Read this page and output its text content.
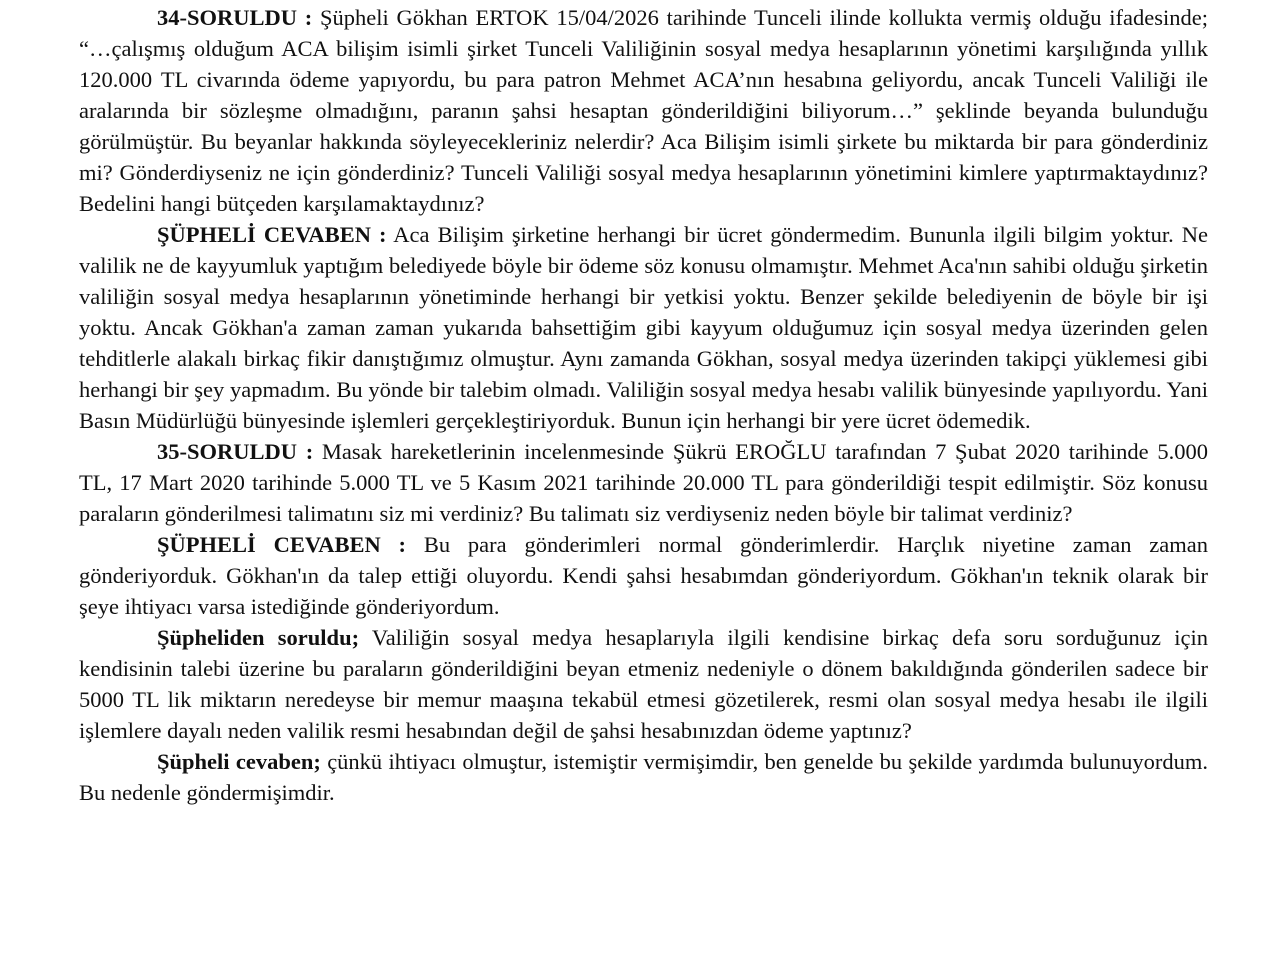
34-SORULDU : Şüpheli Gökhan ERTOK 15/04/2026 tarihinde Tunceli ilinde kollukta vermiş olduğu ifadesinde; “…çalışmış olduğum ACA bilişim isimli şirket Tunceli Valiliğinin sosyal medya hesaplarının yönetimi karşılığında yıllık 120.000 TL civarında ödeme yapıyordu, bu para patron Mehmet ACA’nın hesabına geliyordu, ancak Tunceli Valiliği ile aralarında bir sözleşme olmadığını, paranın şahsi hesaptan gönderildiğini biliyorum…” şeklinde beyanda bulunduğu görülmüştür. Bu beyanlar hakkında söyleyecekleriniz nelerdir? Aca Bilişim isimli şirkete bu miktarda bir para gönderdiniz mi? Gönderdiyseniz ne için gönderdiniz? Tunceli Valiliği sosyal medya hesaplarının yönetimini kimlere yaptırmaktaydınız? Bedelini hangi bütçeden karşılamaktaydınız?

ŞÜPHELİ CEVABEN : Aca Bilişim şirketine herhangi bir ücret göndermedim. Bununla ilgili bilgim yoktur. Ne valilik ne de kayyumluk yaptığım belediyede böyle bir ödeme söz konusu olmamıştır. Mehmet Aca'nın sahibi olduğu şirketin valiliğin sosyal medya hesaplarının yönetiminde herhangi bir yetkisi yoktu. Benzer şekilde belediyenin de böyle bir işi yoktu. Ancak Gökhan'a zaman zaman yukarıda bahsettiğim gibi kayyum olduğumuz için sosyal medya üzerinden gelen tehditlerle alakalı birkaç fikir danıştığımız olmuştur. Aynı zamanda Gökhan, sosyal medya üzerinden takipçi yüklemesi gibi herhangi bir şey yapmadım. Bu yönde bir talebim olmadı. Valiliğin sosyal medya hesabı valilik bünyesinde yapılıyordu. Yani Basın Müdürlüğü bünyesinde işlemleri gerçekleştiriyorduk. Bunun için herhangi bir yere ücret ödemedik.

35-SORULDU : Masak hareketlerinin incelenmesinde Şükrü EROĞLU tarafından 7 Şubat 2020 tarihinde 5.000 TL, 17 Mart 2020 tarihinde 5.000 TL ve 5 Kasım 2021 tarihinde 20.000 TL para gönderildiği tespit edilmiştir. Söz konusu paraların gönderilmesi talimatını siz mi verdiniz? Bu talimatı siz verdiyseniz neden böyle bir talimat verdiniz?

ŞÜPHELİ CEVABEN : Bu para gönderimleri normal gönderimlerdir. Harçlık niyetine zaman zaman gönderiyorduk. Gökhan'ın da talep ettiği oluyordu. Kendi şahsi hesabımdan gönderiyordum. Gökhan'ın teknik olarak bir şeye ihtiyacı varsa istediğinde gönderiyordum.

Şüpheliden soruldu; Valiliğin sosyal medya hesaplarıyla ilgili kendisine birkaç defa soru sorduğunuz için kendisinin talebi üzerine bu paraların gönderildiğini beyan etmeniz nedeniyle o dönem bakıldığında gönderilen sadece bir 5000 TL lik miktarın neredeyse bir memur maaşına tekabül etmesi gözetilerek, resmi olan sosyal medya hesabı ile ilgili işlemlere dayalı neden valilik resmi hesabından değil de şahsi hesabınızdan ödeme yaptınız?

Şüpheli cevaben; çünkü ihtiyacı olmuştur, istemiştir vermişimdir, ben genelde bu şekilde yardımda bulunuyordum. Bu nedenle göndermişimdir.
